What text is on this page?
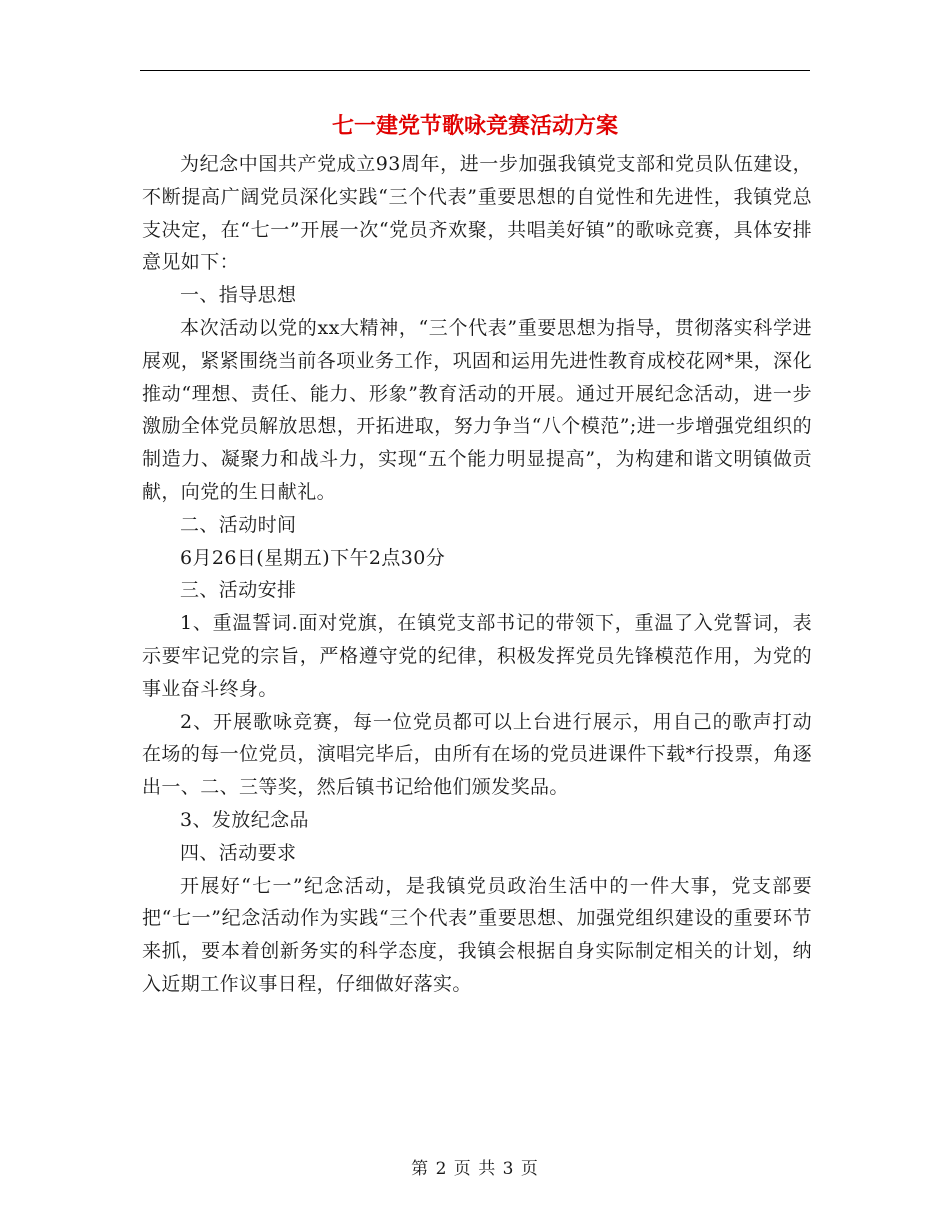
七一建党节歌咏竞赛活动方案

为纪念中国共产党成立93周年，进一步加强我镇党支部和党员队伍建设，不断提高广阔党员深化实践“三个代表”重要思想的自觉性和先进性，我镇党总支决定，在“七一”开展一次“党员齐欢聚，共唱美好镇”的歌咏竞赛，具体安排意见如下：

一、指导思想

本次活动以党的xx大精神，“三个代表”重要思想为指导，贯彻落实科学进展观，紧紧围绕当前各项业务工作，巩固和运用先进性教育成校花网*果，深化推动“理想、责任、能力、形象”教育活动的开展。通过开展纪念活动，进一步激励全体党员解放思想，开拓进取，努力争当“八个模范”;进一步增强党组织的制造力、凝聚力和战斗力，实现“五个能力明显提高”，为构建和谐文明镇做贡献，向党的生日献礼。

二、活动时间

6月26日(星期五)下午2点30分

三、活动安排

1、重温誓词.面对党旗，在镇党支部书记的带领下，重温了入党誓词，表示要牢记党的宗旨，严格遵守党的纪律，积极发挥党员先锋模范作用，为党的事业奋斗终身。

2、开展歌咏竞赛，每一位党员都可以上台进行展示，用自己的歌声打动在场的每一位党员，演唱完毕后，由所有在场的党员进课件下载*行投票，角逐出一、二、三等奖，然后镇书记给他们颁发奖品。

3、发放纪念品

四、活动要求

开展好“七一”纪念活动，是我镇党员政治生活中的一件大事，党支部要把“七一”纪念活动作为实践“三个代表”重要思想、加强党组织建设的重要环节来抓，要本着创新务实的科学态度，我镇会根据自身实际制定相关的计划，纳入近期工作议事日程，仔细做好落实。

第 2 页 共 3 页
